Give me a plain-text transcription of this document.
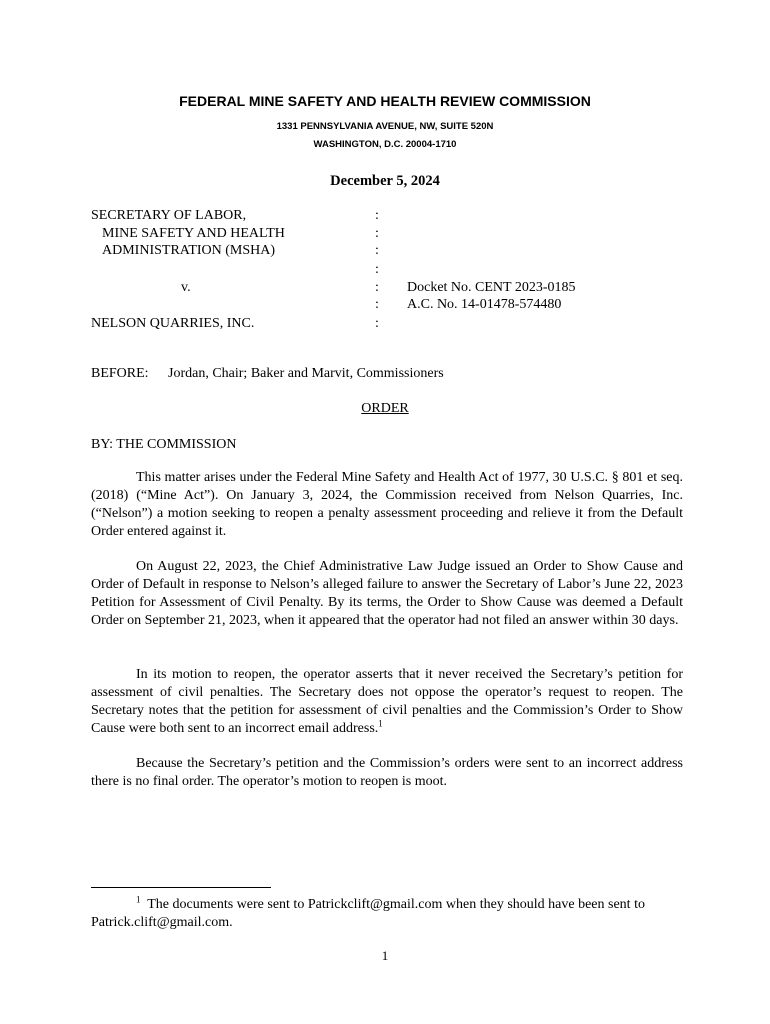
FEDERAL MINE SAFETY AND HEALTH REVIEW COMMISSION
1331 PENNSYLVANIA AVENUE, NW, SUITE 520N
WASHINGTON, D.C. 20004-1710
December 5, 2024
SECRETARY OF LABOR,
MINE SAFETY AND HEALTH
ADMINISTRATION (MSHA)
v.
NELSON QUARRIES, INC.
:
:
:
:
:
:
:
Docket No. CENT 2023-0185
A.C. No. 14-01478-574480
BEFORE: Jordan, Chair; Baker and Marvit, Commissioners
ORDER
BY: THE COMMISSION

This matter arises under the Federal Mine Safety and Health Act of 1977, 30 U.S.C. § 801 et seq. (2018) (“Mine Act”). On January 3, 2024, the Commission received from Nelson Quarries, Inc. (“Nelson”) a motion seeking to reopen a penalty assessment proceeding and relieve it from the Default Order entered against it.

On August 22, 2023, the Chief Administrative Law Judge issued an Order to Show Cause and Order of Default in response to Nelson’s alleged failure to answer the Secretary of Labor’s June 22, 2023 Petition for Assessment of Civil Penalty. By its terms, the Order to Show Cause was deemed a Default Order on September 21, 2023, when it appeared that the operator had not filed an answer within 30 days.

In its motion to reopen, the operator asserts that it never received the Secretary’s petition for assessment of civil penalties. The Secretary does not oppose the operator’s request to reopen. The Secretary notes that the petition for assessment of civil penalties and the Commission’s Order to Show Cause were both sent to an incorrect email address.$^1$

Because the Secretary’s petition and the Commission’s orders were sent to an incorrect address there is no final order. The operator’s motion to reopen is moot.

$^1$ The documents were sent to Patrickclift@gmail.com when they should have been sent to Patrick.clift@gmail.com.

1
